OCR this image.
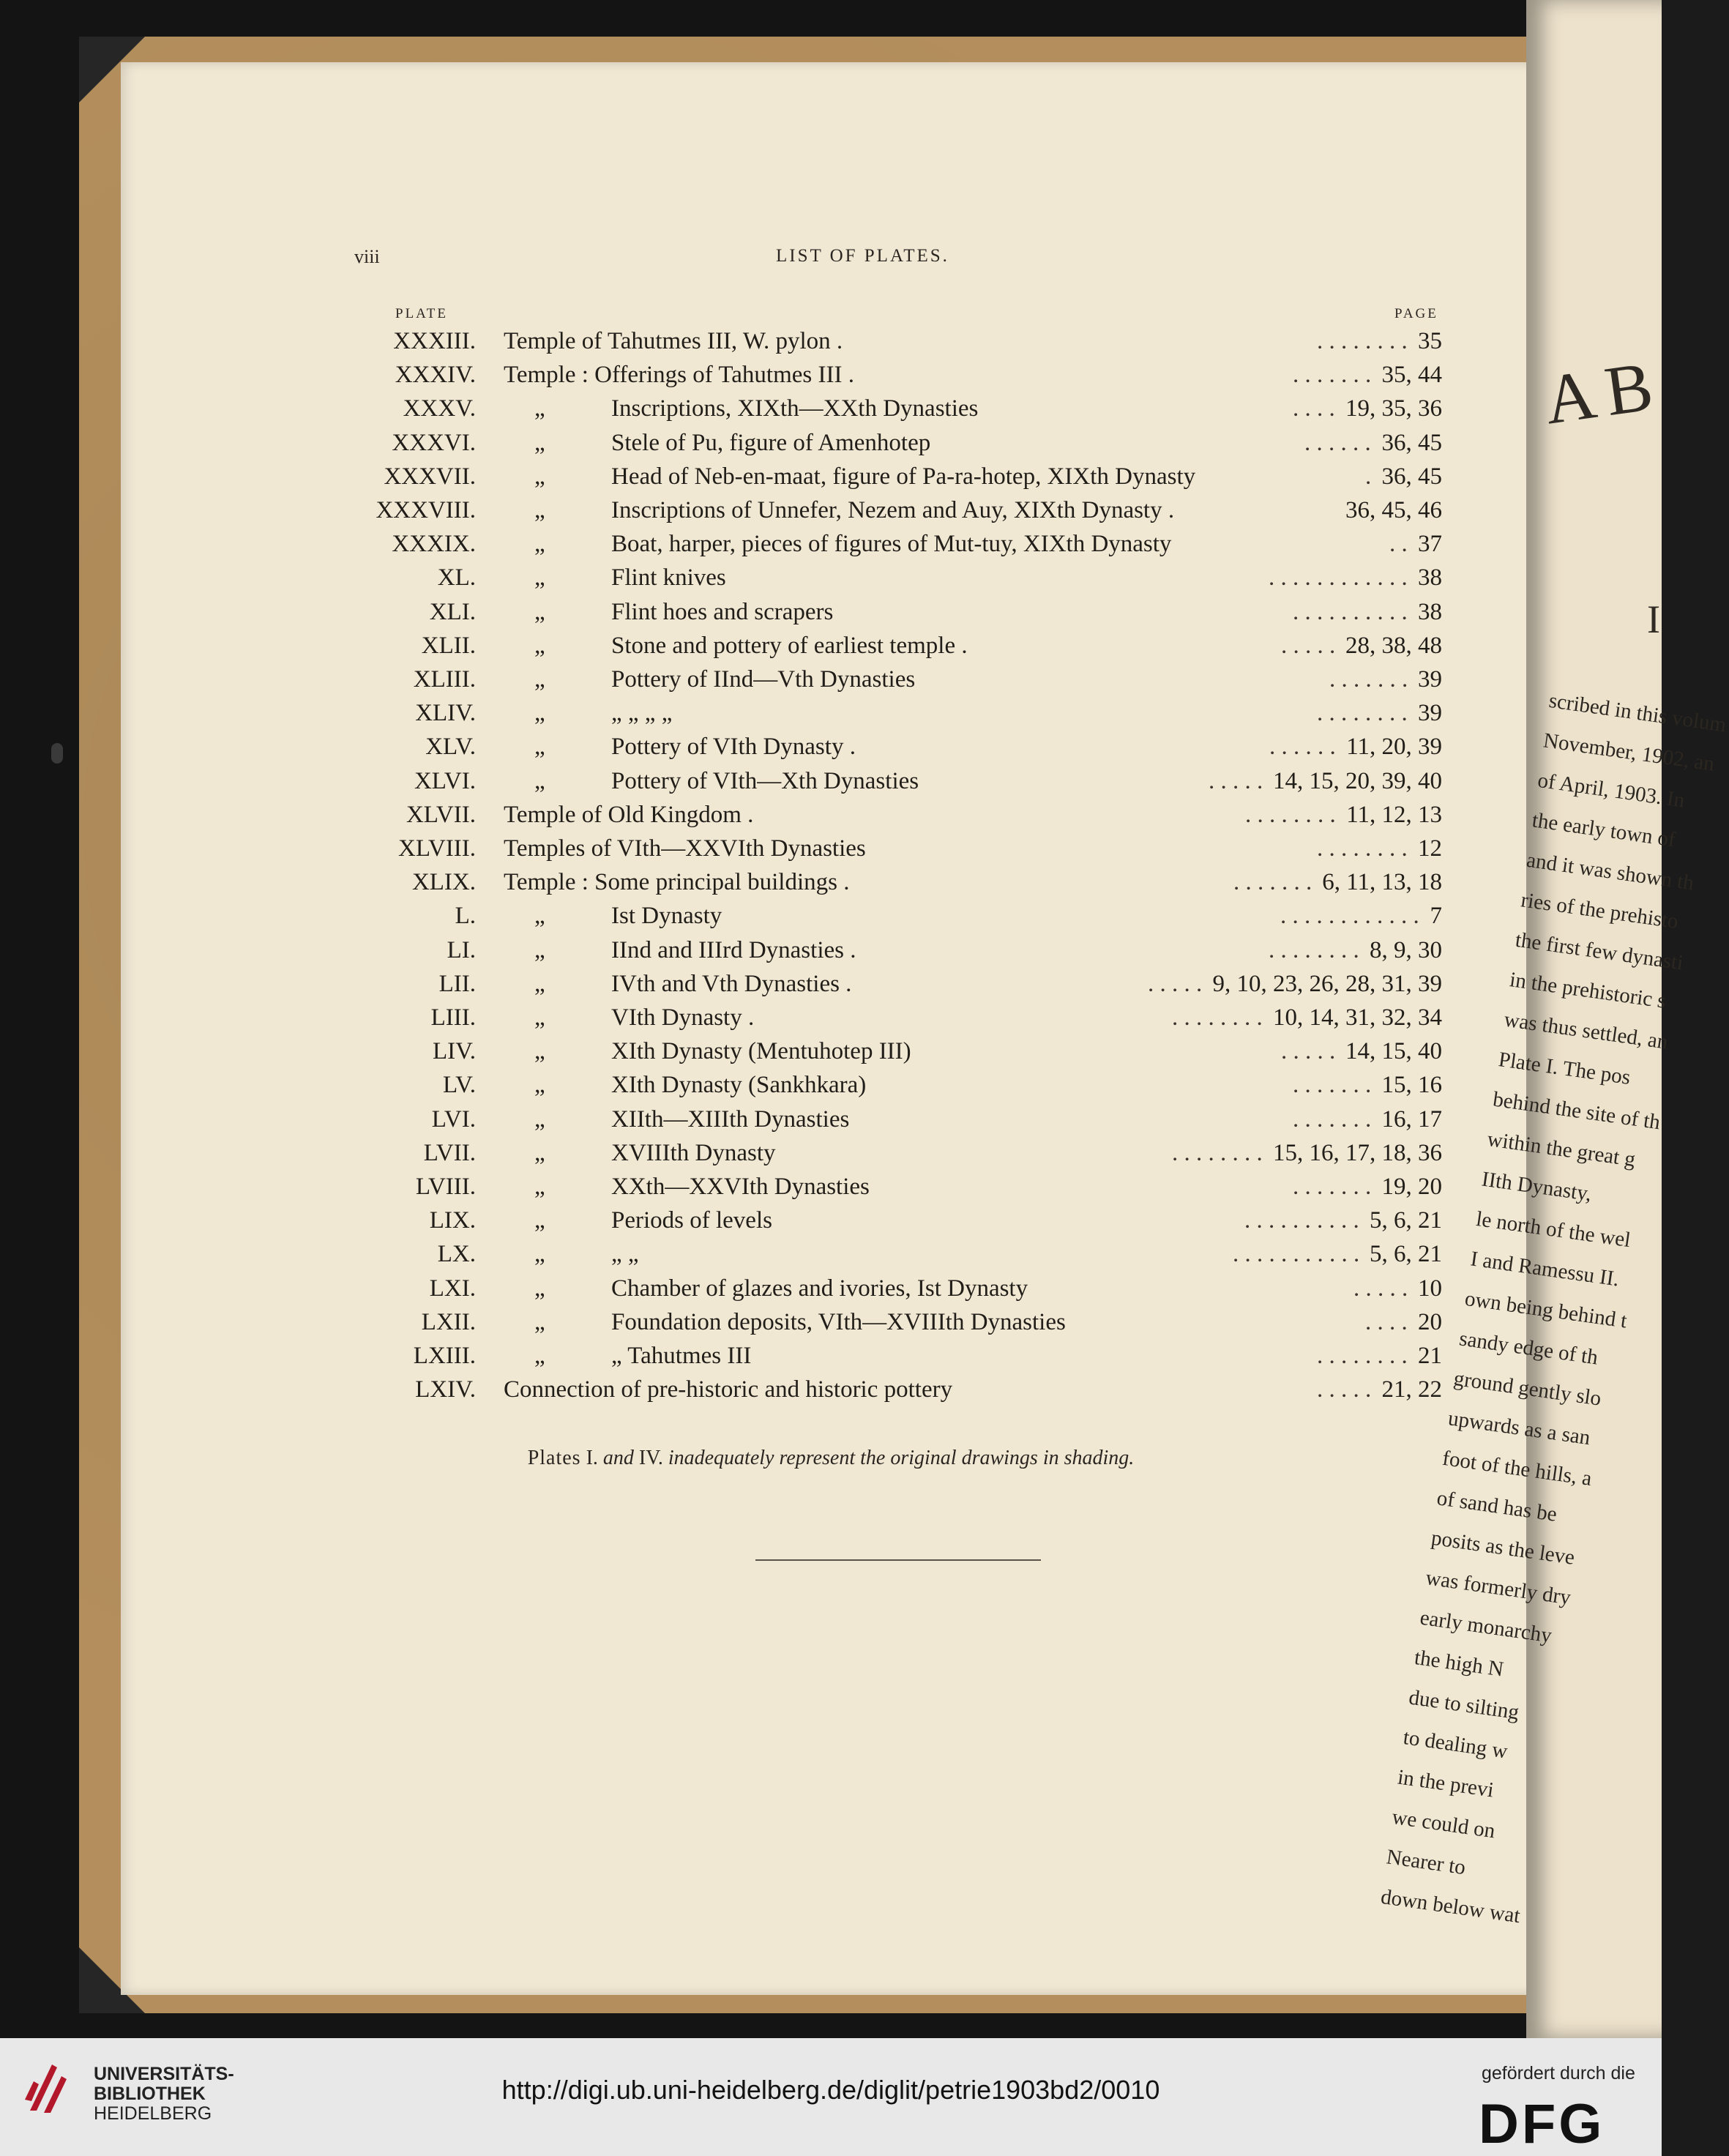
AB
I
scribed in this volum
November, 1902, an
of April, 1903. In
the early town of
and it was shown th
ries of the prehisto
the first few dynasti
in the prehistoric s
was thus settled, an
Plate I. The pos
behind the site of th
within the great g
IIth Dynasty,
le north of the wel
I and Ramessu II.
own being behind t
sandy edge of th
ground gently slo
upwards as a san
foot of the hills, a
of sand has be
posits as the leve
was formerly dry
early monarchy
the high N
due to silting
to dealing w
in the previ
we could on
Nearer to
down below wat
viii	LIST OF PLATES.
PLATE	PAGE
XXXIII. Temple of Tahutmes III, W. pylon .	35
. . . . . . . .
XXXIV. Temple : Offerings of Tahutmes III .	35, 44
. . . . . . .
XXXV. „	Inscriptions, XIXth—XXth Dynasties	19, 35, 36
. . . .
XXXVI. „	Stele of Pu, figure of Amenhotep	36, 45
. . . . . .
XXXVII. „	Head of Neb-en-maat, figure of Pa-ra-hotep, XIXth Dynasty	36, 45
.
XXXVIII. „	Inscriptions of Unnefer, Nezem and Auy, XIXth Dynasty .	36, 45, 46
XXXIX. „	Boat, harper, pieces of figures of Mut-tuy, XIXth Dynasty	37
. .
XL. „	Flint knives	38
. . . . . . . . . . . .
XLI. „	Flint hoes and scrapers	38
. . . . . . . . . .
XLII. „	Stone and pottery of earliest temple .	28, 38, 48
. . . . .
XLIII. „	Pottery of IInd—Vth Dynasties	39
. . . . . . .
XLIV. „	„ „ „ „	39
. . . . . . . .
XLV. „	Pottery of VIth Dynasty .	11, 20, 39
. . . . . .
XLVI. „	Pottery of VIth—Xth Dynasties	14, 15, 20, 39, 40
. . . . .
XLVII. Temple of Old Kingdom .	11, 12, 13
. . . . . . . .
XLVIII. Temples of VIth—XXVIth Dynasties	12
. . . . . . . .
XLIX. Temple : Some principal buildings .	6, 11, 13, 18
. . . . . . .
L. „	Ist Dynasty	7
. . . . . . . . . . . .
LI. „	IInd and IIIrd Dynasties .	8, 9, 30
. . . . . . . .
LII. „	IVth and Vth Dynasties .	9, 10, 23, 26, 28, 31, 39
. . . . .
LIII. „	VIth Dynasty .	10, 14, 31, 32, 34
. . . . . . . .
LIV. „	XIth Dynasty (Mentuhotep III)	14, 15, 40
. . . . .
LV. „	XIth Dynasty (Sankhkara)	15, 16
. . . . . . .
LVI. „	XIIth—XIIIth Dynasties	16, 17
. . . . . . .
LVII. „	XVIIIth Dynasty	15, 16, 17, 18, 36
. . . . . . . .
LVIII. „	XXth—XXVIth Dynasties	19, 20
. . . . . . .
LIX. „	Periods of levels	5, 6, 21
. . . . . . . . . .
LX. „	„ „	5, 6, 21
. . . . . . . . . . .
LXI. „	Chamber of glazes and ivories, Ist Dynasty	10
. . . . .
LXII. „	Foundation deposits, VIth—XVIIIth Dynasties	20
. . . .
LXIII. „	„ Tahutmes III	21
. . . . . . . .
LXIV. Connection of pre-historic and historic pottery	21, 22
. . . . .
Plates I. and IV. inadequately represent the original drawings in shading.
UNIVERSITÄTS-
BIBLIOTHEK
HEIDELBERG
http://digi.ub.uni-heidelberg.de/diglit/petrie1903bd2/0010
gefördert durch die
DFG
